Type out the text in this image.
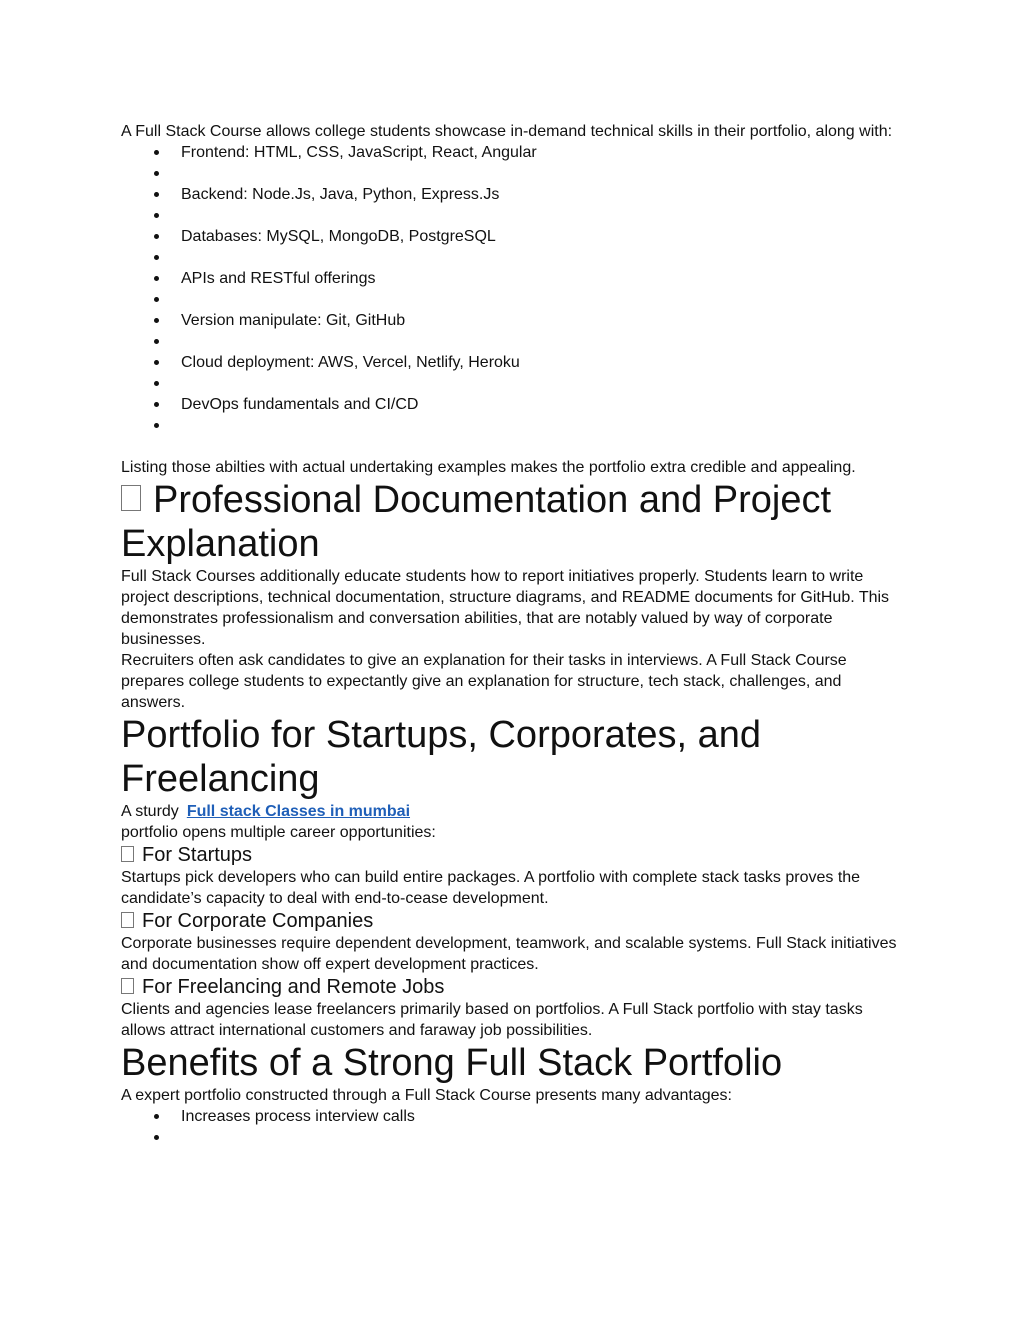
A Full Stack Course allows college students showcase in-demand technical skills in their portfolio, along with:

Frontend: HTML, CSS, JavaScript, React, Angular
Backend: Node.Js, Java, Python, Express.Js
Databases: MySQL, MongoDB, PostgreSQL
APIs and RESTful offerings
Version manipulate: Git, GitHub
Cloud deployment: AWS, Vercel, Netlify, Heroku
DevOps fundamentals and CI/CD

Listing those abilties with actual undertaking examples makes the portfolio extra credible and appealing.

Professional Documentation and Project Explanation

Full Stack Courses additionally educate students how to report initiatives properly. Students learn to write project descriptions, technical documentation, structure diagrams, and README documents for GitHub. This demonstrates professionalism and conversation abilities, that are notably valued by way of corporate businesses.

Recruiters often ask candidates to give an explanation for their tasks in interviews. A Full Stack Course prepares college students to expectantly give an explanation for structure, tech stack, challenges, and answers.

Portfolio for Startups, Corporates, and Freelancing

A sturdy Full stack Classes in mumbai

portfolio opens multiple career opportunities:

For Startups

Startups pick developers who can build entire packages. A portfolio with complete stack tasks proves the candidate’s capacity to deal with end-to-cease development.

For Corporate Companies

Corporate businesses require dependent development, teamwork, and scalable systems. Full Stack initiatives and documentation show off expert development practices.

For Freelancing and Remote Jobs

Clients and agencies lease freelancers primarily based on portfolios. A Full Stack portfolio with stay tasks allows attract international customers and faraway job possibilities.

Benefits of a Strong Full Stack Portfolio

A expert portfolio constructed through a Full Stack Course presents many advantages:

Increases process interview calls
